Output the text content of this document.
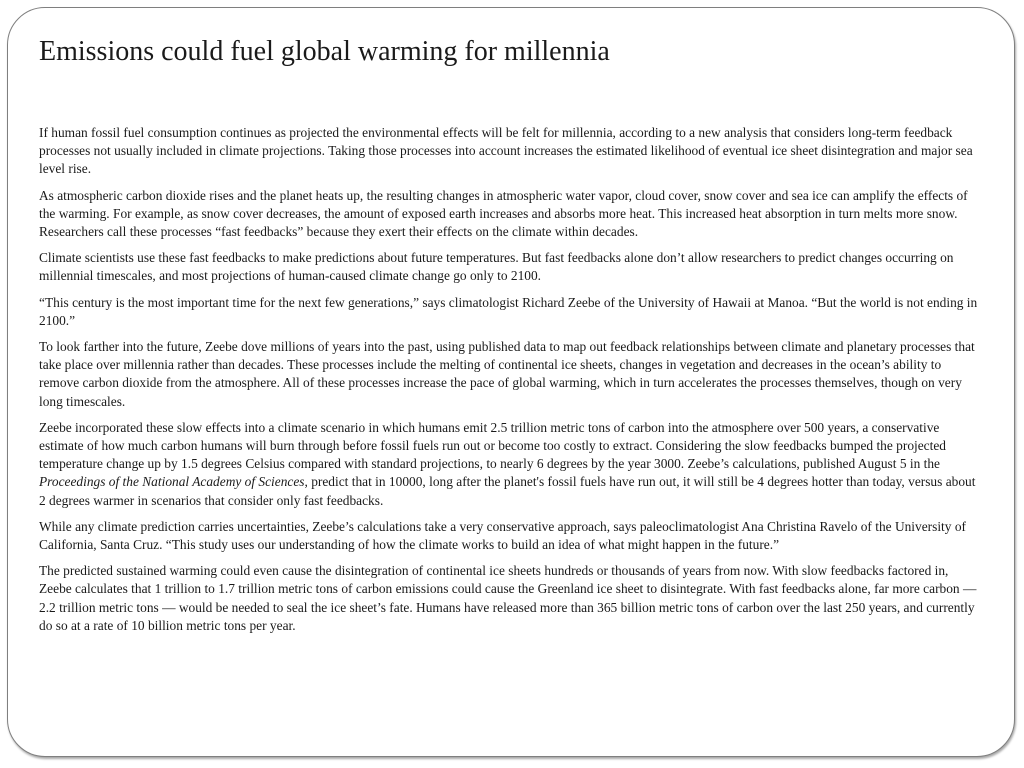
Emissions could fuel global warming for millennia

If human fossil fuel consumption continues as projected the environmental effects will be felt for millennia, according to a new analysis that considers long-term feedback processes not usually included in climate projections. Taking those processes into account increases the estimated likelihood of eventual ice sheet disintegration and major sea level rise.

As atmospheric carbon dioxide rises and the planet heats up, the resulting changes in atmospheric water vapor, cloud cover, snow cover and sea ice can amplify the effects of the warming. For example, as snow cover decreases, the amount of exposed earth increases and absorbs more heat. This increased heat absorption in turn melts more snow. Researchers call these processes “fast feedbacks” because they exert their effects on the climate within decades.

Climate scientists use these fast feedbacks to make predictions about future temperatures. But fast feedbacks alone don’t allow researchers to predict changes occurring on millennial timescales, and most projections of human-caused climate change go only to 2100.

“This century is the most important time for the next few generations,” says climatologist Richard Zeebe of the University of Hawaii at Manoa. “But the world is not ending in 2100.”

To look farther into the future, Zeebe dove millions of years into the past, using published data to map out feedback relationships between climate and planetary processes that take place over millennia rather than decades. These processes include the melting of continental ice sheets, changes in vegetation and decreases in the ocean’s ability to remove carbon dioxide from the atmosphere. All of these processes increase the pace of global warming, which in turn accelerates the processes themselves, though on very long timescales.

Zeebe incorporated these slow effects into a climate scenario in which humans emit 2.5 trillion metric tons of carbon into the atmosphere over 500 years, a conservative estimate of how much carbon humans will burn through before fossil fuels run out or become too costly to extract. Considering the slow feedbacks bumped the projected temperature change up by 1.5 degrees Celsius compared with standard projections, to nearly 6 degrees by the year 3000. Zeebe’s calculations, published August 5 in the Proceedings of the National Academy of Sciences, predict that in 10000, long after the planet's fossil fuels have run out, it will still be 4 degrees hotter than today, versus about 2 degrees warmer in scenarios that consider only fast feedbacks.

While any climate prediction carries uncertainties, Zeebe’s calculations take a very conservative approach, says paleoclimatologist Ana Christina Ravelo of the University of California, Santa Cruz. “This study uses our understanding of how the climate works to build an idea of what might happen in the future.”

The predicted sustained warming could even cause the disintegration of continental ice sheets hundreds or thousands of years from now. With slow feedbacks factored in, Zeebe calculates that 1 trillion to 1.7 trillion metric tons of carbon emissions could cause the Greenland ice sheet to disintegrate. With fast feedbacks alone, far more carbon — 2.2 trillion metric tons — would be needed to seal the ice sheet’s fate. Humans have released more than 365 billion metric tons of carbon over the last 250 years, and currently do so at a rate of 10 billion metric tons per year.
